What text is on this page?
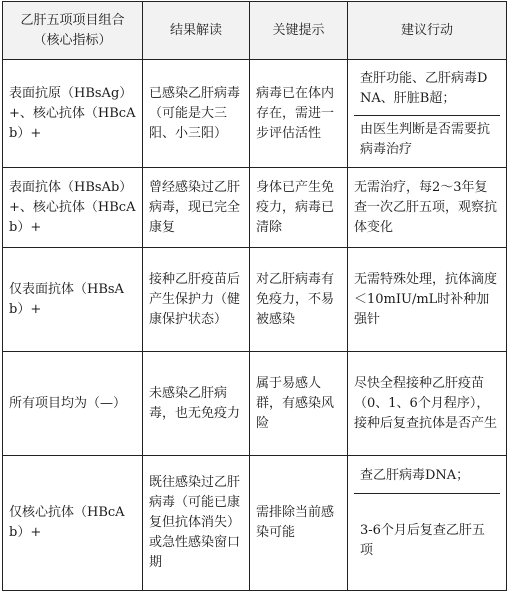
乙肝五项项目组合（核心指标）	结果解读	关键提示	建议行动
表面抗原（HBsAg）+、核心抗体（HBcAb）+	已感染乙肝病毒（可能是大三阳、小三阳）	病毒已在体内存在，需进一步评估活性	查肝功能、乙肝病毒DNA、肝脏B超；
由医生判断是否需要抗病毒治疗

表面抗体（HBsAb）+、核心抗体（HBcAb）+	曾经感染过乙肝病毒，现已完全康复	身体已产生免疫力，病毒已清除	无需治疗，每2～3年复查一次乙肝五项，观察抗体变化
仅表面抗体（HBsAb）+	接种乙肝疫苗后产生保护力（健康保护状态）	对乙肝病毒有免疫力，不易被感染	无需特殊处理，抗体滴度＜10mIU/mL时补种加强针
所有项目均为（—）	未感染乙肝病毒，也无免疫力	属于易感人群，有感染风险	尽快全程接种乙肝疫苗（0、1、6个月程序），接种后复查抗体是否产生
仅核心抗体（HBcAb）+	既往感染过乙肝病毒（可能已康复但抗体消失）或急性感染窗口期	需排除当前感染可能	查乙肝病毒DNA；
3-6个月后复查乙肝五项
